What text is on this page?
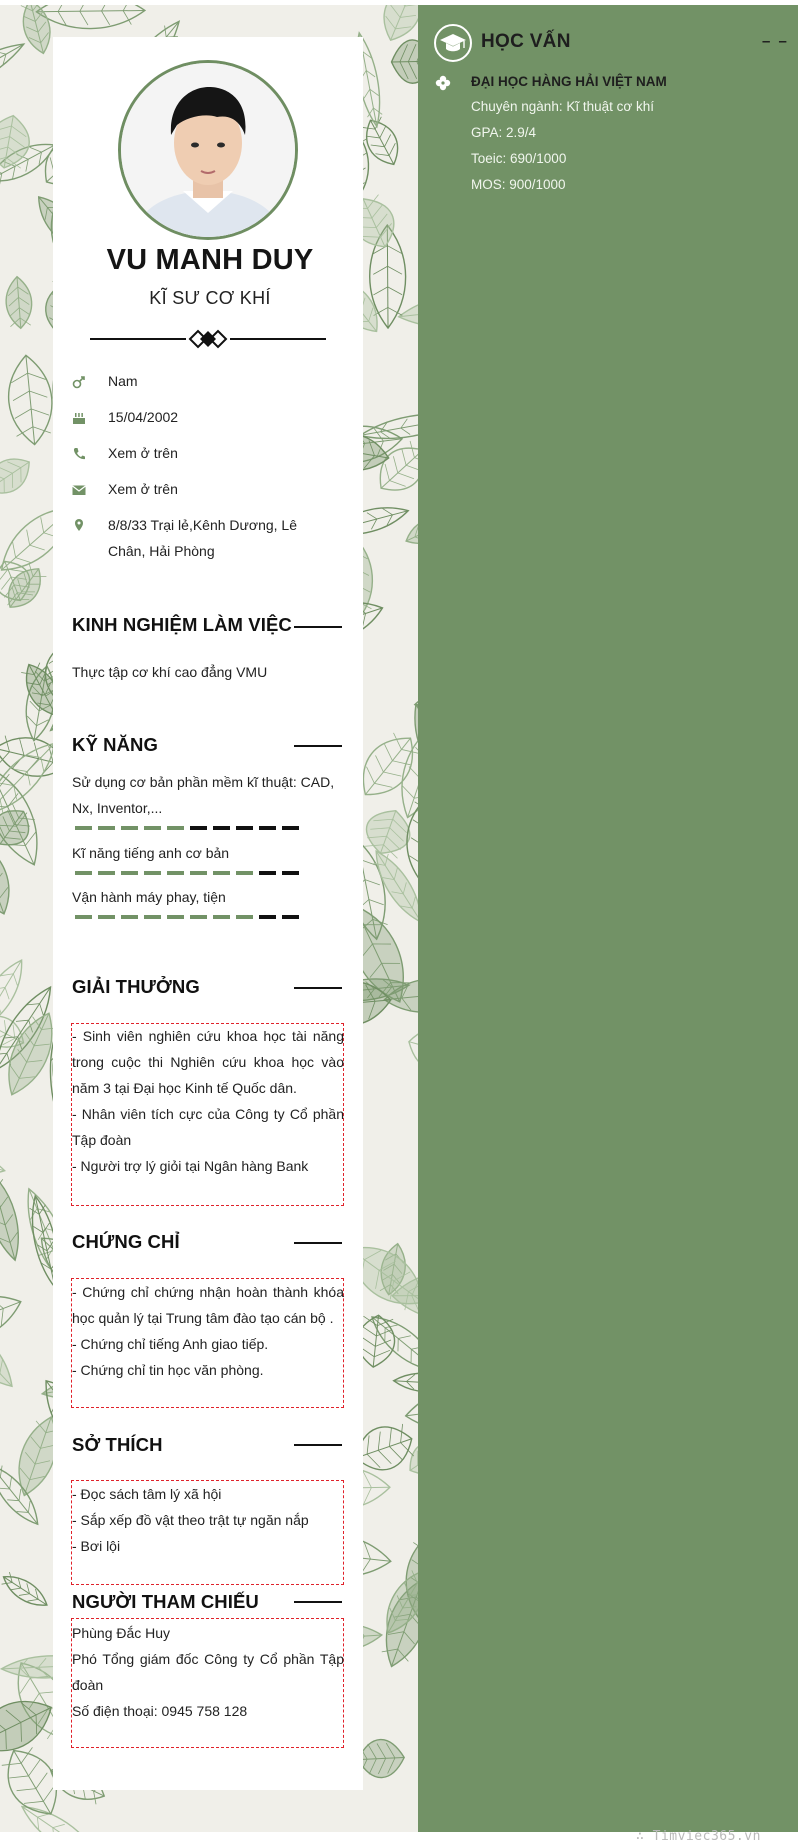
VU MANH DUY
KĨ SƯ CƠ KHÍ
Nam
15/04/2002
Xem ở trên
Xem ở trên
8/8/33 Trại lẻ,Kênh Dương, Lê Chân, Hải Phòng
KINH NGHIỆM LÀM VIỆC
Thực tập cơ khí cao đẳng VMU
KỸ NĂNG
Sử dụng cơ bản phần mềm kĩ thuật: CAD, Nx, Inventor,...
Kĩ năng tiếng anh cơ bản
Vận hành máy phay, tiện
GIẢI THƯỞNG
- Sinh viên nghiên cứu khoa học tài năng trong cuộc thi Nghiên cứu khoa học vào năm 3 tại Đại học Kinh tế Quốc dân.
- Nhân viên tích cực của Công ty Cổ phần Tập đoàn
- Người trợ lý giỏi tại Ngân hàng Bank
CHỨNG CHỈ
- Chứng chỉ chứng nhận hoàn thành khóa học quản lý tại Trung tâm đào tạo cán bộ .
- Chứng chỉ tiếng Anh giao tiếp.
- Chứng chỉ tin học văn phòng.
SỞ THÍCH
- Đọc sách tâm lý xã hội
- Sắp xếp đồ vật theo trật tự ngăn nắp
- Bơi lội
NGƯỜI THAM CHIẾU
Phùng Đắc Huy
Phó Tổng giám đốc Công ty Cổ phần Tập đoàn
Số điện thoại: 0945 758 128
HỌC VẤN	– –
ĐẠI HỌC HÀNG HẢI VIỆT NAM
Chuyên ngành: Kĩ thuật cơ khí
GPA: 2.9/4
Toeic: 690/1000
MOS: 900/1000
∴ Timviec365.vn
